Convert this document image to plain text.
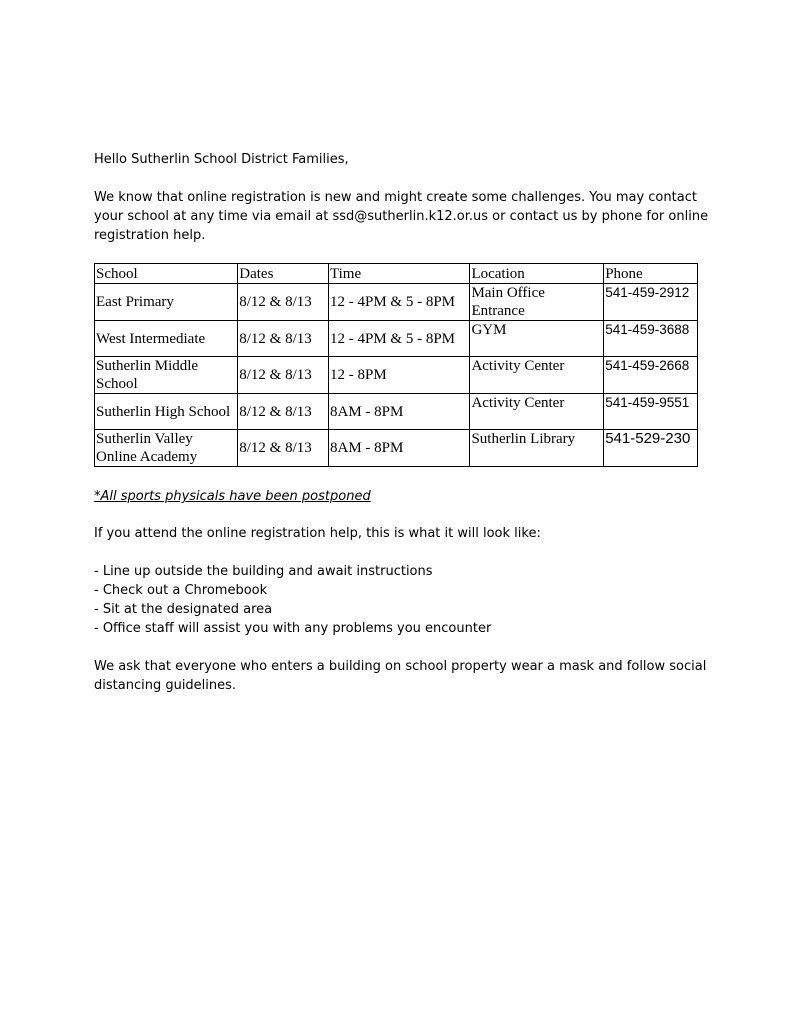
Hello Sutherlin School District Families,

We know that online registration is new and might create some challenges. You may contact your school at any time via email at ssd@sutherlin.k12.or.us or contact us by phone for online registration help.

School	Dates	Time	Location	Phone
East Primary	8/12 & 8/13	12 - 4PM & 5 - 8PM	Main Office Entrance	541-459-2912
West Intermediate	8/12 & 8/13	12 - 4PM & 5 - 8PM	GYM	541-459-3688
Sutherlin Middle School	8/12 & 8/13	12 - 8PM	Activity Center	541-459-2668
Sutherlin High School	8/12 & 8/13	8AM - 8PM	Activity Center	541-459-9551
Sutherlin Valley Online Academy	8/12 & 8/13	8AM - 8PM	Sutherlin Library	541-529-230

*All sports physicals have been postponed

If you attend the online registration help, this is what it will look like:

- Line up outside the building and await instructions
- Check out a Chromebook
- Sit at the designated area
- Office staff will assist you with any problems you encounter

We ask that everyone who enters a building on school property wear a mask and follow social distancing guidelines.
